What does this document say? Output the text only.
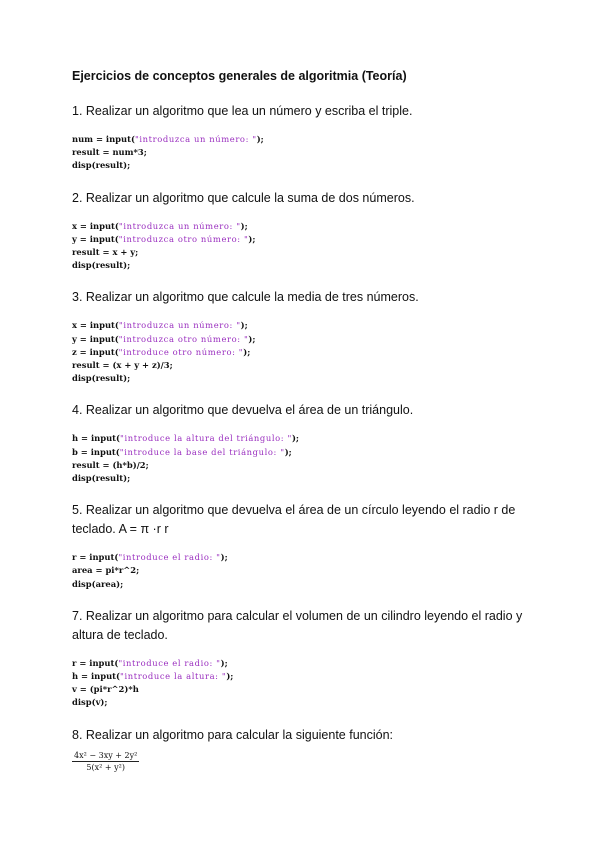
Ejercicios de conceptos generales de algoritmia (Teoría)
1. Realizar un algoritmo que lea un número y escriba el triple.
num = input("introduzca un número: ");
result = num*3;
disp(result);
2. Realizar un algoritmo que calcule la suma de dos números.
x = input("introduzca un número: ");
y = input("introduzca otro número: ");
result = x + y;
disp(result);
3. Realizar un algoritmo que calcule la media de tres números.
x = input("introduzca un número: ");
y = input("introduzca otro número: ");
z = input("introduce otro número: ");
result = (x + y + z)/3;
disp(result);
4. Realizar un algoritmo que devuelva el área de un triángulo.
h = input("introduce la altura del triángulo: ");
b = input("introduce la base del triángulo: ");
result = (h*b)/2;
disp(result);
5. Realizar un algoritmo que devuelva el área de un círculo leyendo el radio r de teclado. A = π ·r r
r = input("introduce el radio: ");
area = pi*r^2;
disp(area);
7. Realizar un algoritmo para calcular el volumen de un cilindro leyendo el radio y altura de teclado.
r = input("introduce el radio: ");
h = input("introduce la altura: ");
v = (pi*r^2)*h
disp(v);
8. Realizar un algoritmo para calcular la siguiente función:
$\frac{\text{4x² − 3xy + 2y²}}{\text{5(x² + y²)}}$
